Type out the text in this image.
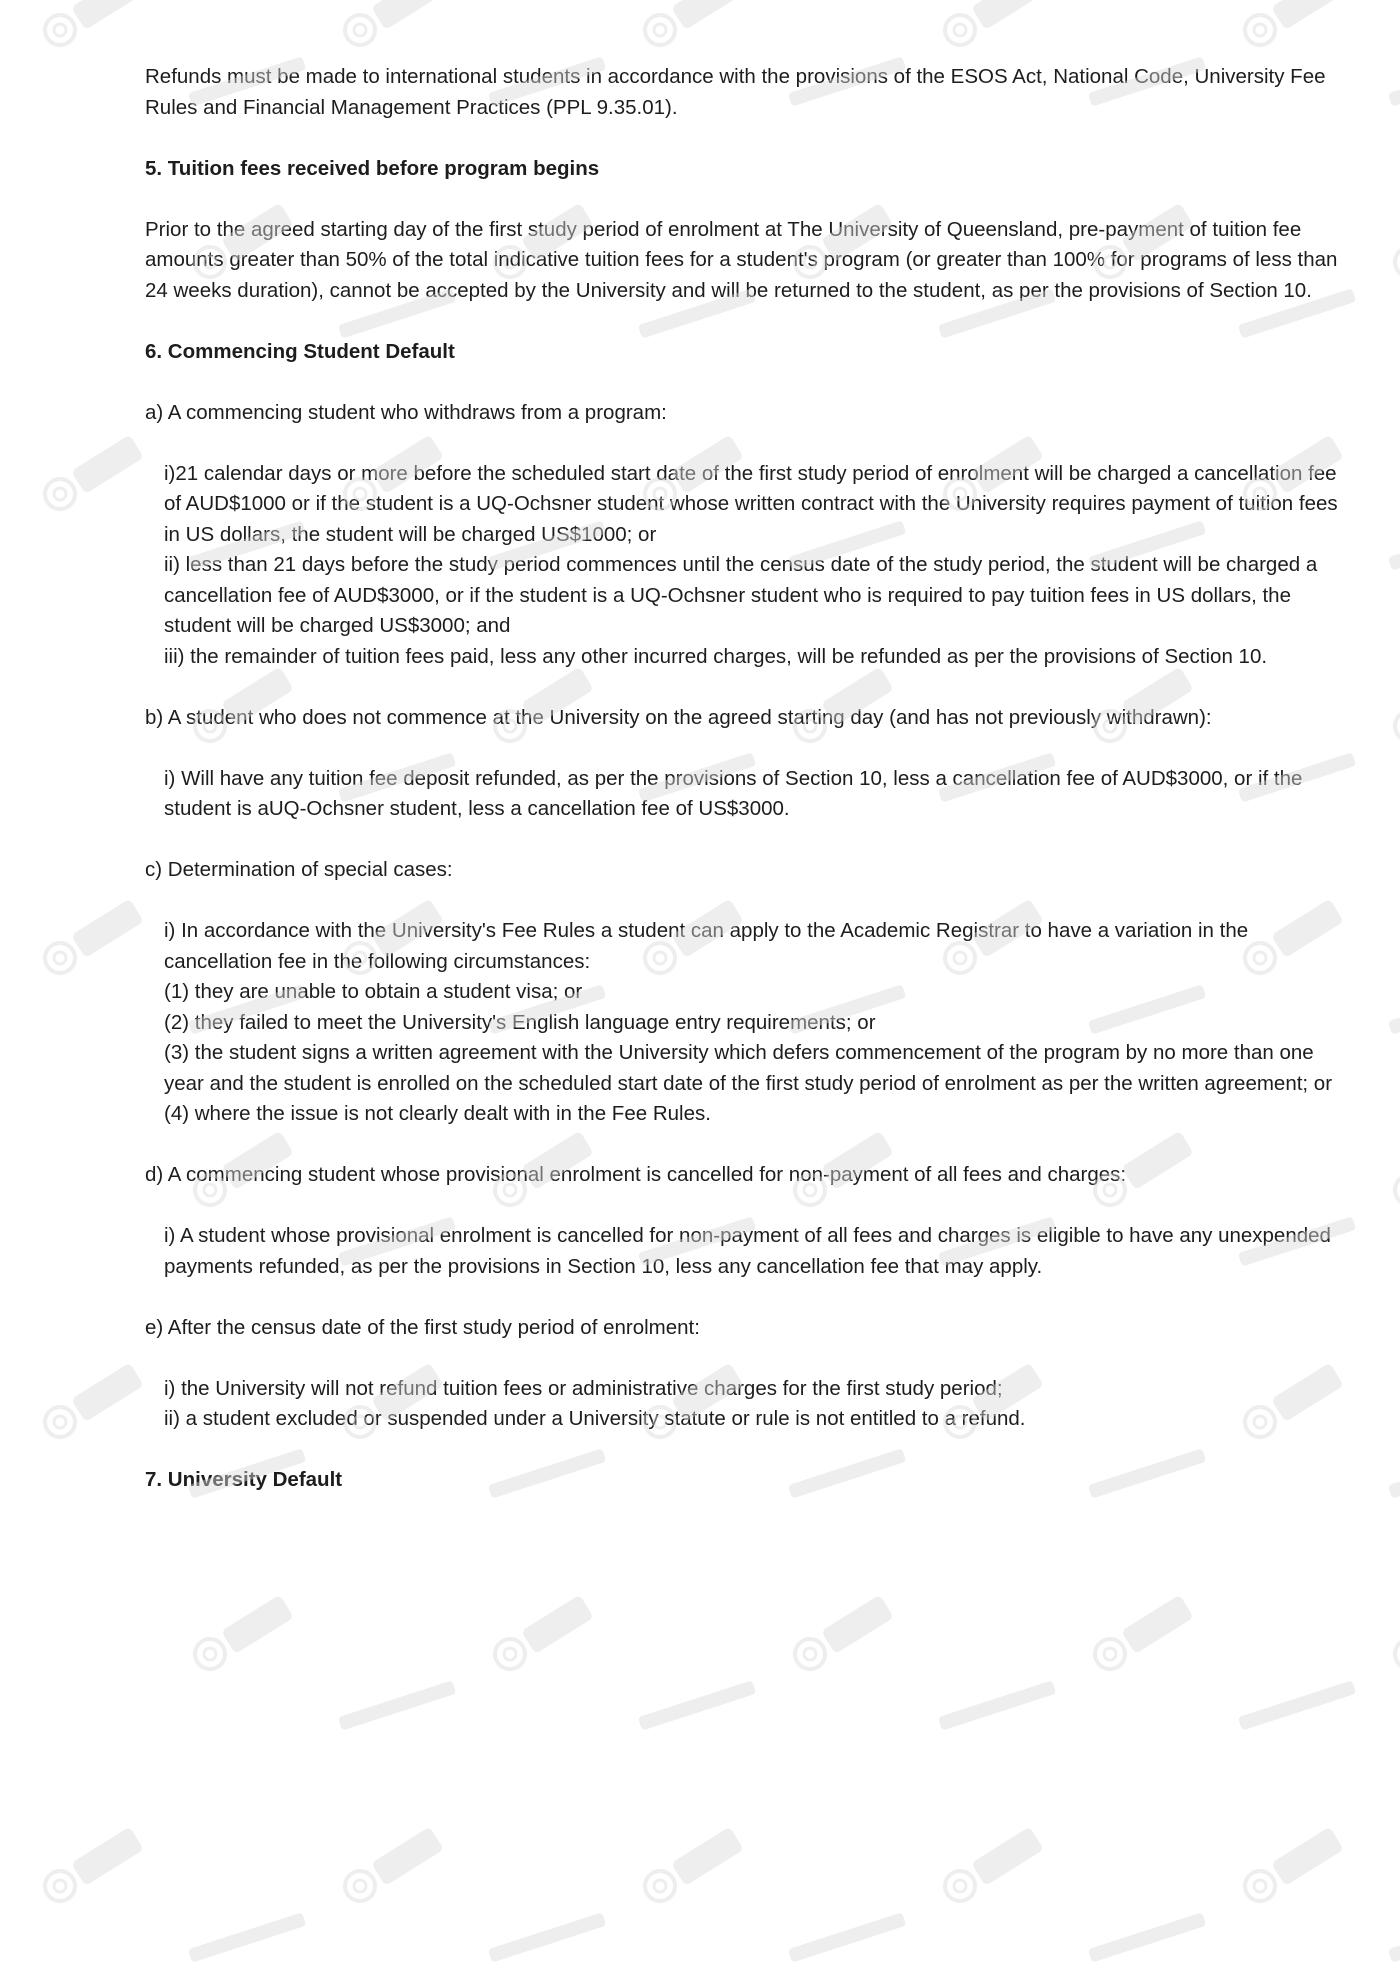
Refunds must be made to international students in accordance with the provisions of the ESOS Act, National Code, University Fee Rules and Financial Management Practices (PPL 9.35.01).

5. Tuition fees received before program begins

Prior to the agreed starting day of the first study period of enrolment at The University of Queensland, pre-payment of tuition fee amounts greater than 50% of the total indicative tuition fees for a student's program (or greater than 100% for programs of less than 24 weeks duration), cannot be accepted by the University and will be returned to the student, as per the provisions of Section 10.

6. Commencing Student Default

a) A commencing student who withdraws from a program:

i)21 calendar days or more before the scheduled start date of the first study period of enrolment will be charged a cancellation fee of AUD$1000 or if the student is a UQ-Ochsner student whose written contract with the University requires payment of tuition fees in US dollars, the student will be charged US$1000; or

ii) less than 21 days before the study period commences until the census date of the study period, the student will be charged a cancellation fee of AUD$3000, or if the student is a UQ-Ochsner student who is required to pay tuition fees in US dollars, the student will be charged US$3000; and

iii) the remainder of tuition fees paid, less any other incurred charges, will be refunded as per the provisions of Section 10.

b) A student who does not commence at the University on the agreed starting day (and has not previously withdrawn):

i) Will have any tuition fee deposit refunded, as per the provisions of Section 10, less a cancellation fee of AUD$3000, or if the student is aUQ-Ochsner student, less a cancellation fee of US$3000.

c) Determination of special cases:

i) In accordance with the University's Fee Rules a student can apply to the Academic Registrar to have a variation in the cancellation fee in the following circumstances:

(1) they are unable to obtain a student visa; or

(2) they failed to meet the University's English language entry requirements; or

(3) the student signs a written agreement with the University which defers commencement of the program by no more than one year and the student is enrolled on the scheduled start date of the first study period of enrolment as per the written agreement; or

(4) where the issue is not clearly dealt with in the Fee Rules.

d) A commencing student whose provisional enrolment is cancelled for non-payment of all fees and charges:

i) A student whose provisional enrolment is cancelled for non-payment of all fees and charges is eligible to have any unexpended payments refunded, as per the provisions in Section 10, less any cancellation fee that may apply.

e) After the census date of the first study period of enrolment:

i) the University will not refund tuition fees or administrative charges for the first study period;

ii) a student excluded or suspended under a University statute or rule is not entitled to a refund.

7. University Default
